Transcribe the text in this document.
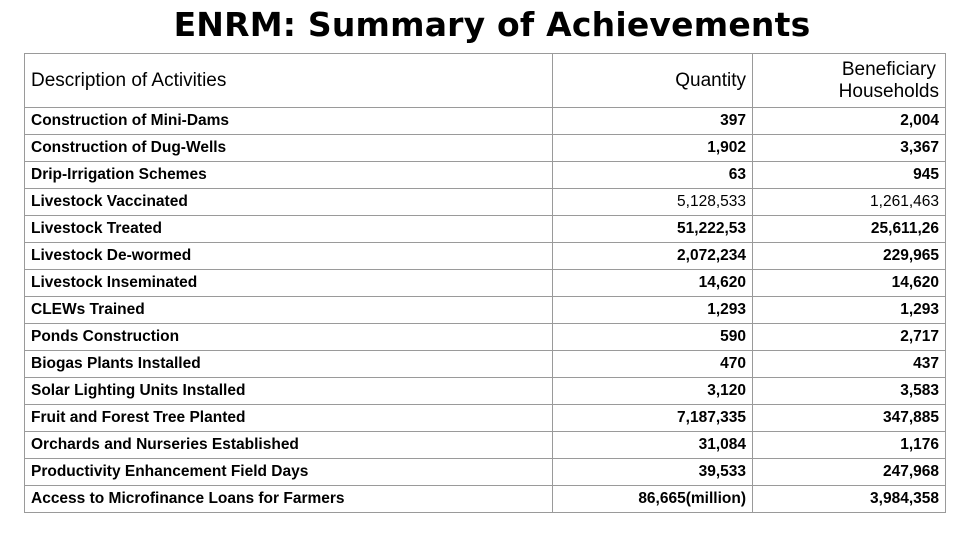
ENRM: Summary of Achievements
Description of Activities	Quantity	Beneficiary
Households
Construction of Mini-Dams	397	2,004
Construction of Dug-Wells	1,902	3,367
Drip-Irrigation Schemes	63	945
Livestock Vaccinated	5,128,533	1,261,463
Livestock Treated	51,222,53	25,611,26
Livestock De-wormed	2,072,234	229,965
Livestock Inseminated	14,620	14,620
CLEWs Trained	1,293	1,293
Ponds Construction	590	2,717
Biogas Plants Installed	470	437
Solar Lighting Units Installed	3,120	3,583
Fruit and Forest Tree Planted	7,187,335	347,885
Orchards and Nurseries Established	31,084	1,176
Productivity Enhancement Field Days	39,533	247,968
Access to Microfinance Loans for Farmers	86,665(million)	3,984,358
